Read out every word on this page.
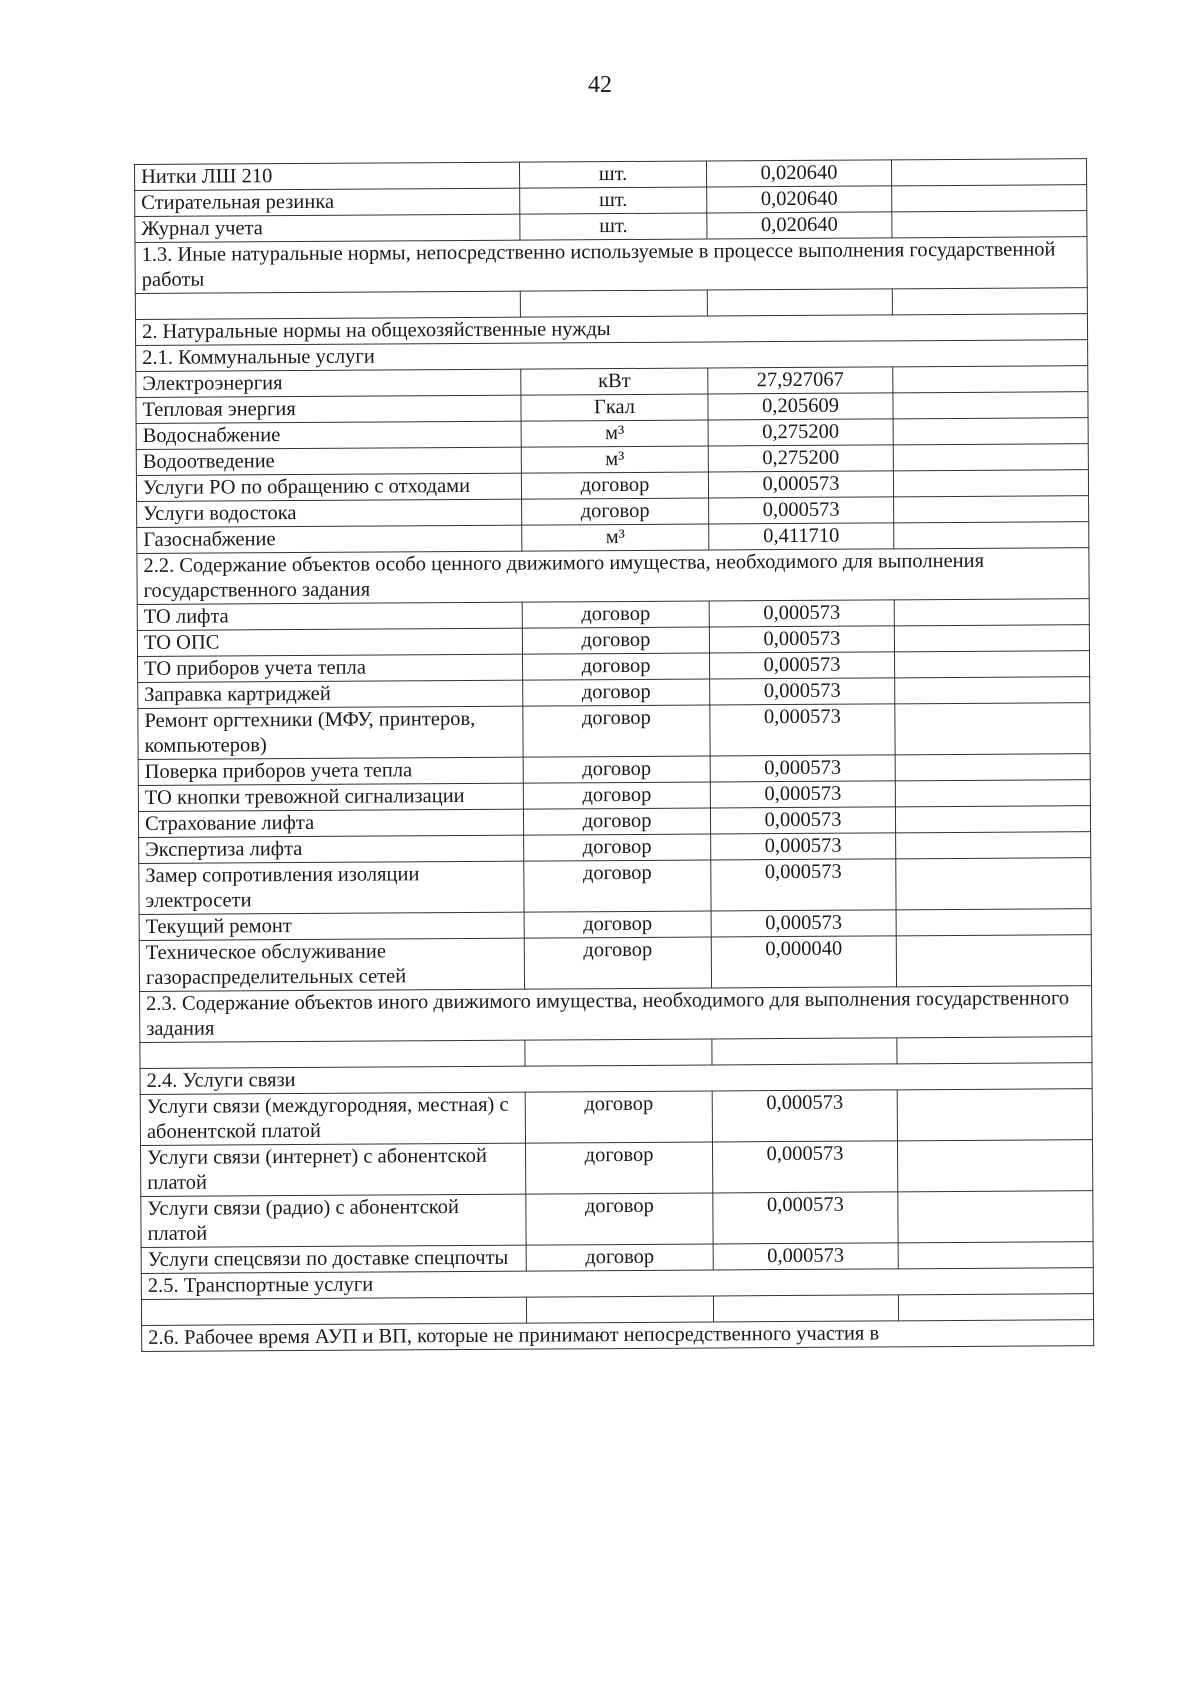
42
Нитки ЛШ 210	шт.	0,020640	
Стирательная резинка	шт.	0,020640	
Журнал учета	шт.	0,020640	
1.3. Иные натуральные нормы, непосредственно используемые в процессе выполнения государственной работы			

2. Натуральные нормы на общехозяйственные нужды			
2.1. Коммунальные услуги			
Электроэнергия	кВт	27,927067	
Тепловая энергия	Гкал	0,205609	
Водоснабжение	м³	0,275200	
Водоотведение	м³	0,275200	
Услуги РО по обращению с отходами	договор	0,000573	
Услуги водостока	договор	0,000573	
Газоснабжение	м³	0,411710	
2.2. Содержание объектов особо ценного движимого имущества, необходимого для выполнения государственного задания			
ТО лифта	договор	0,000573	
ТО ОПС	договор	0,000573	
ТО приборов учета тепла	договор	0,000573	
Заправка картриджей	договор	0,000573	
Ремонт оргтехники (МФУ, принтеров, компьютеров)	договор	0,000573	
Поверка приборов учета тепла	договор	0,000573	
ТО кнопки тревожной сигнализации	договор	0,000573	
Страхование лифта	договор	0,000573	
Экспертиза лифта	договор	0,000573	
Замер сопротивления изоляции электросети	договор	0,000573	
Текущий ремонт	договор	0,000573	
Техническое обслуживание газораспределительных сетей	договор	0,000040	
2.3. Содержание объектов иного движимого имущества, необходимого для выполнения государственного задания			

2.4. Услуги связи			
Услуги связи (междугородняя, местная) с абонентской платой	договор	0,000573	
Услуги связи (интернет) с абонентской платой	договор	0,000573	
Услуги связи (радио) с абонентской платой	договор	0,000573	
Услуги спецсвязи по доставке спецпочты	договор	0,000573	
2.5. Транспортные услуги			

2.6. Рабочее время АУП и ВП, которые не принимают непосредственного участия в			
